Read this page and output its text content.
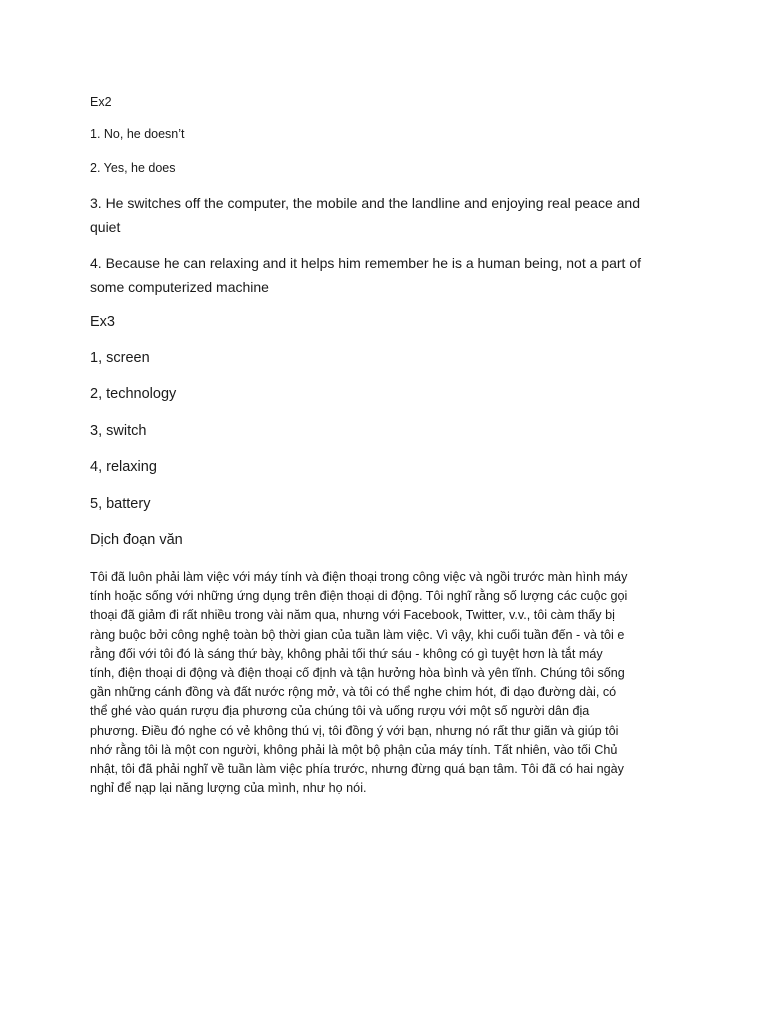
Ex2
1. No, he doesn’t
2. Yes, he does
3. He switches off the computer, the mobile and the landline and enjoying real peace and
quiet
4. Because he can relaxing and it helps him remember he is a human being, not a part of
some computerized machine
Ex3
1, screen
2, technology
3, switch
4, relaxing
5, battery
Dịch đoạn văn
Tôi đã luôn phải làm việc với máy tính và điện thoại trong công việc và ngồi trước màn hình máy
tính hoặc sống với những ứng dụng trên điện thoại di động. Tôi nghĩ rằng số lượng các cuộc gọi
thoại đã giảm đi rất nhiều trong vài năm qua, nhưng với Facebook, Twitter, v.v., tôi càm thấy bị
ràng buộc bởi công nghệ toàn bộ thời gian của tuần làm việc. Vì vậy, khi cuối tuần đến - và tôi e
rằng đối với tôi đó là sáng thứ bày, không phải tối thứ sáu - không có gì tuyệt hơn là tắt máy
tính, điện thoại di động và điện thoại cố định và tận hưởng hòa bình và yên tĩnh. Chúng tôi sống
gần những cánh đồng và đất nước rộng mở, và tôi có thể nghe chim hót, đi dạo đường dài, có
thể ghé vào quán rượu địa phương của chúng tôi và uống rượu với một số người dân địa
phương. Điều đó nghe có vẻ không thú vị, tôi đồng ý với bạn, nhưng nó rất thư giãn và giúp tôi
nhớ rằng tôi là một con người, không phải là một bộ phận của máy tính. Tất nhiên, vào tối Chủ
nhật, tôi đã phải nghĩ về tuần làm việc phía trước, nhưng đừng quá bạn tâm. Tôi đã có hai ngày
nghỉ để nạp lại năng lượng của mình, như họ nói.
